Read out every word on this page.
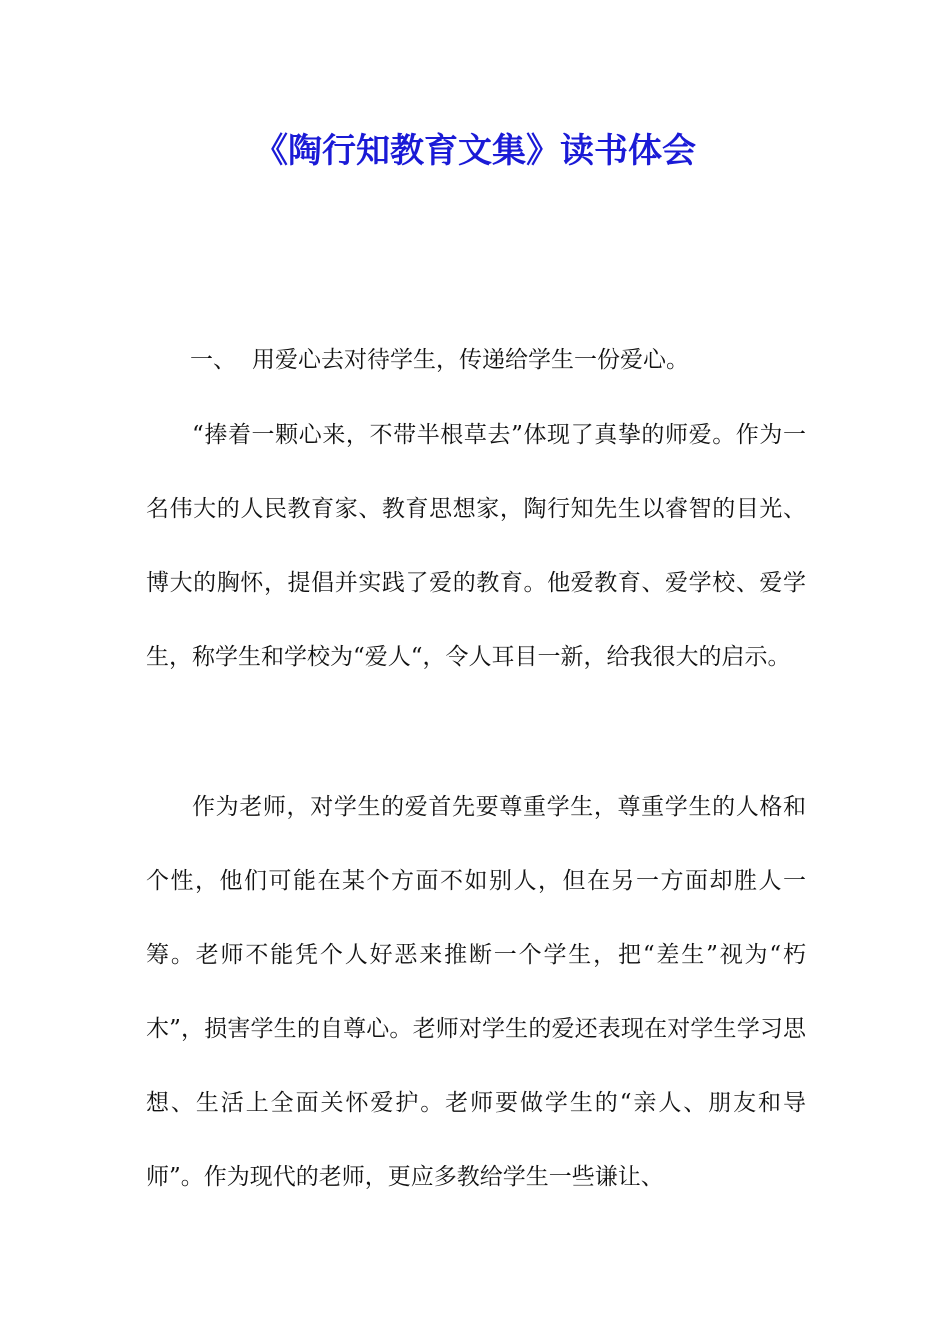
《陶行知教育文集》读书体会
一、 用爱心去对待学生，传递给学生一份爱心。

“捧着一颗心来，不带半根草去”体现了真挚的师爱。作为一名伟大的人民教育家、教育思想家，陶行知先生以睿智的目光、博大的胸怀，提倡并实践了爱的教育。他爱教育、爱学校、爱学生，称学生和学校为“爱人“，令人耳目一新，给我很大的启示。

作为老师，对学生的爱首先要尊重学生，尊重学生的人格和个性，他们可能在某个方面不如别人，但在另一方面却胜人一筹。老师不能凭个人好恶来推断一个学生，把“差生”视为“朽木”，损害学生的自尊心。老师对学生的爱还表现在对学生学习思想、生活上全面关怀爱护。老师要做学生的“亲人、朋友和导师”。作为现代的老师，更应多教给学生一些谦让、
